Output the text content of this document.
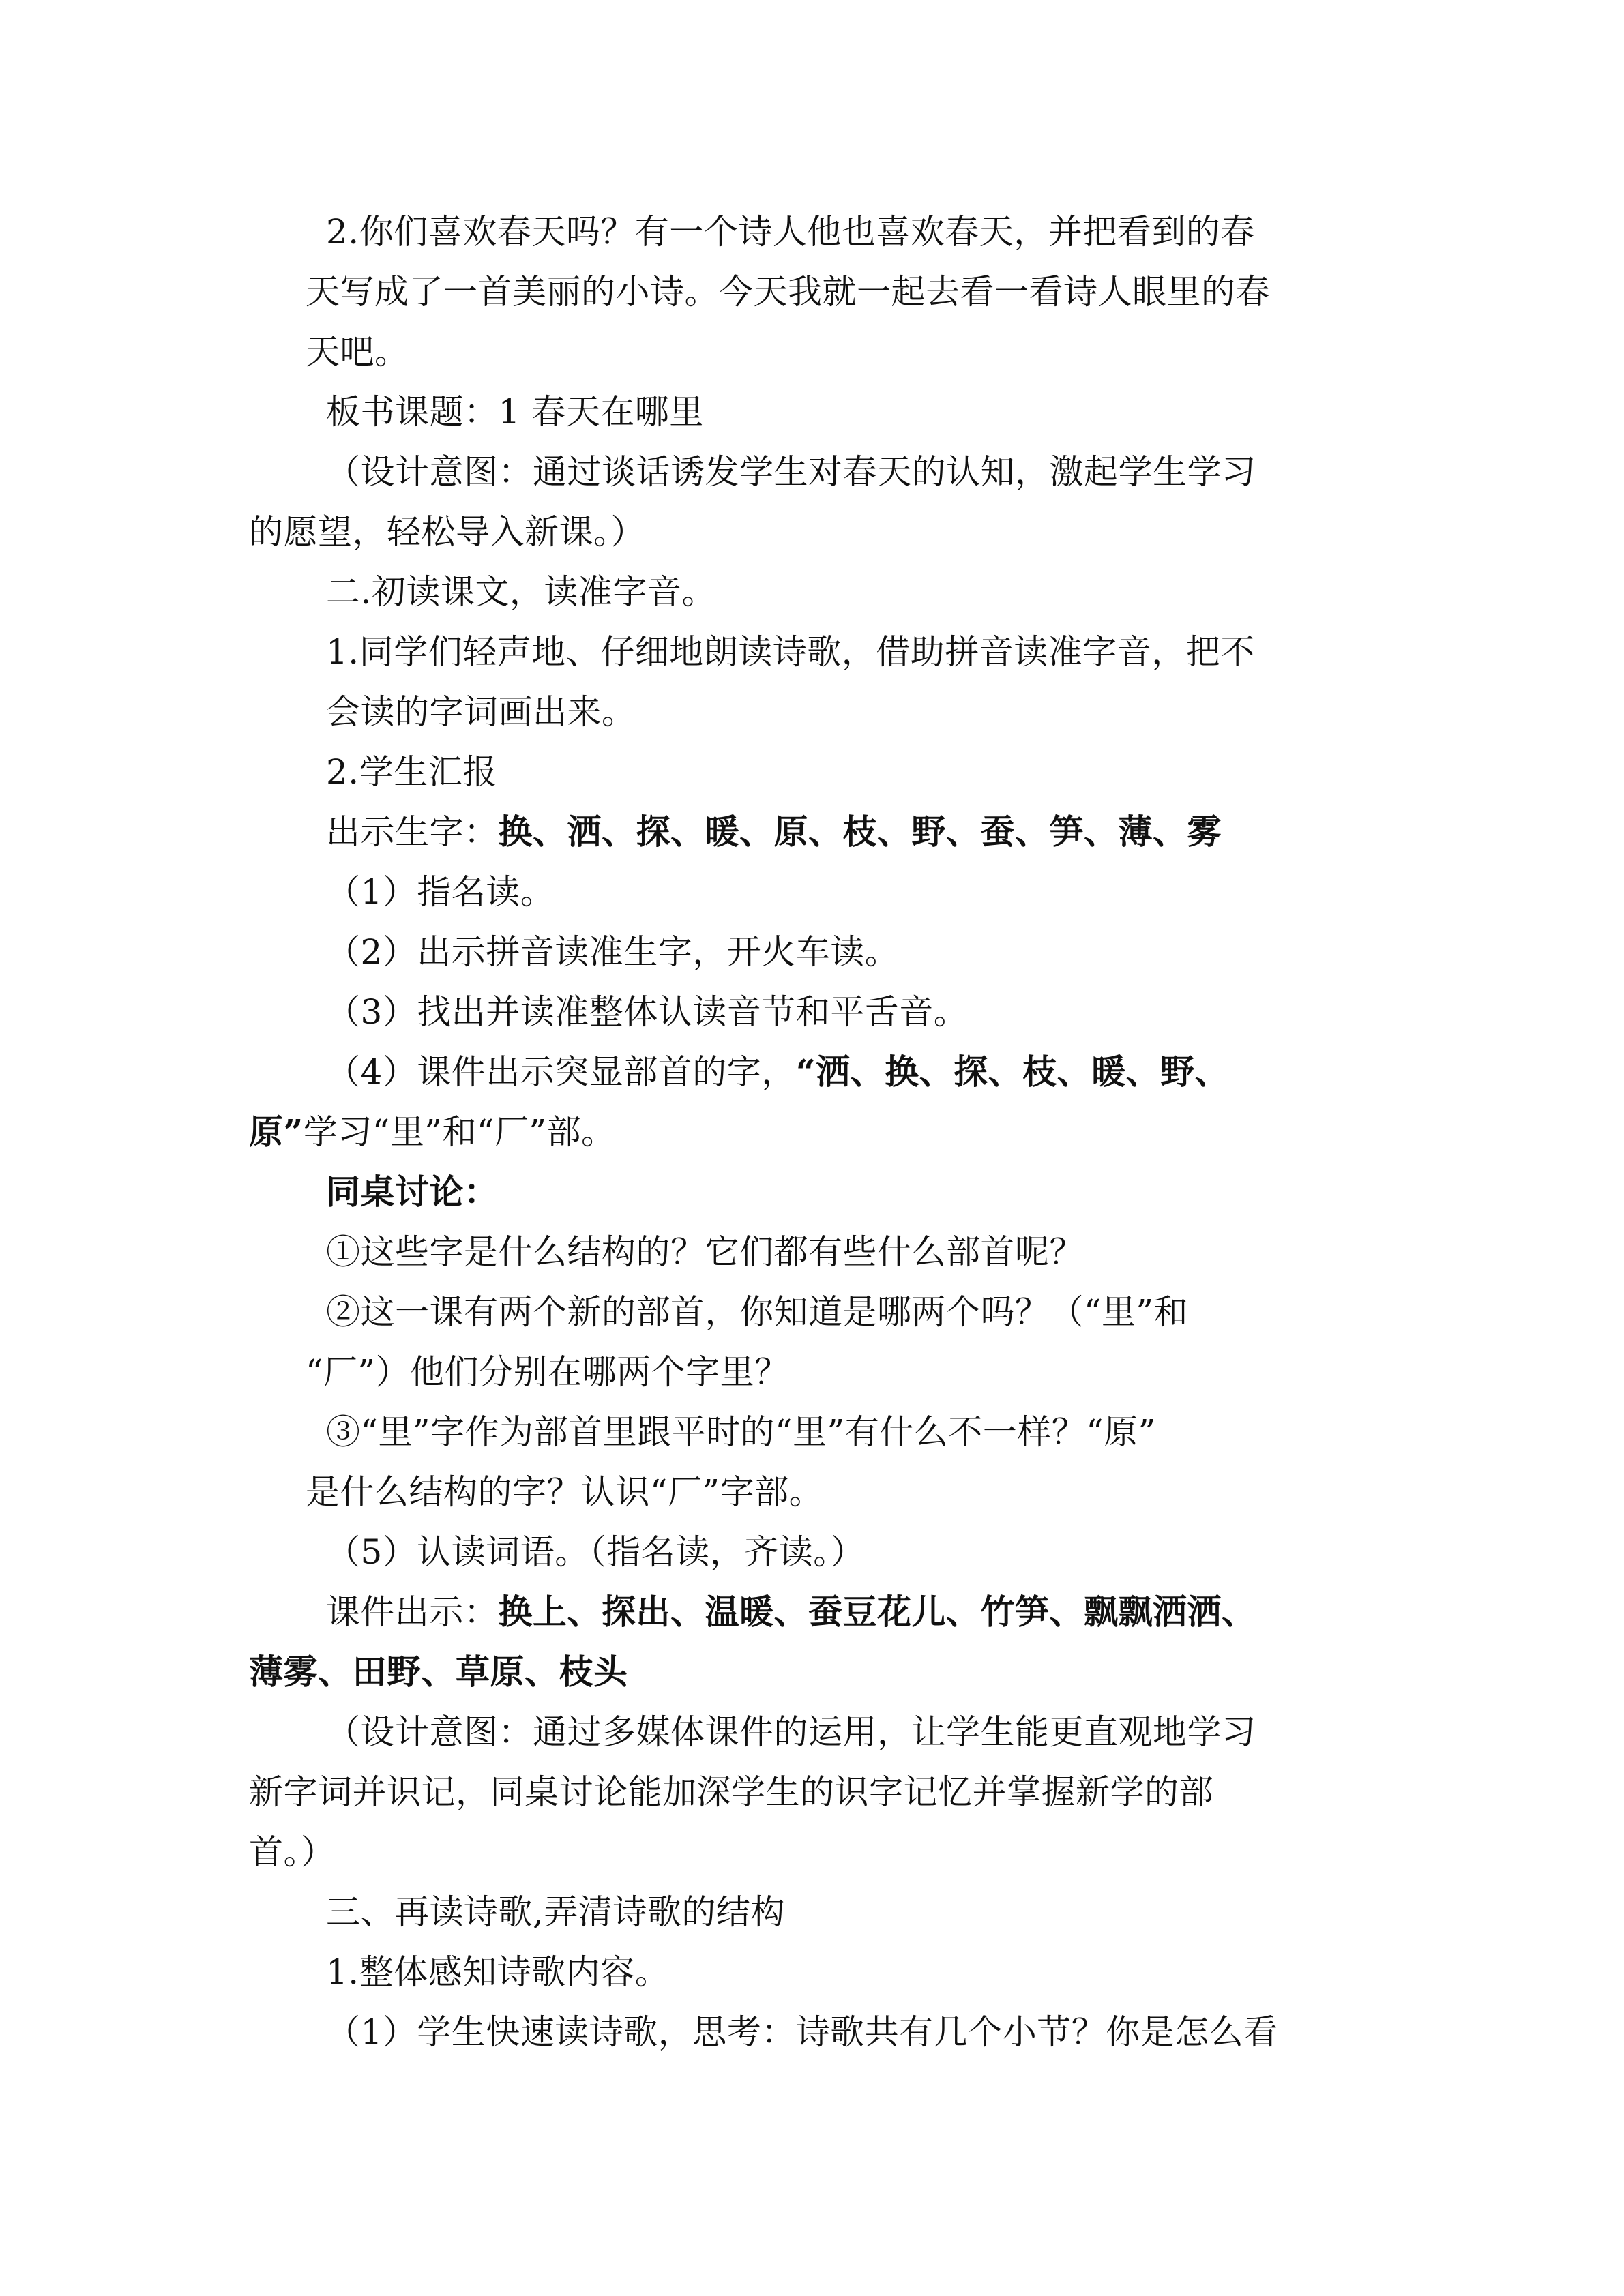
2.你们喜欢春天吗？有一个诗人他也喜欢春天，并把看到的春
天写成了一首美丽的小诗。今天我就一起去看一看诗人眼里的春
天吧。
板书课题：1 春天在哪里
（设计意图：通过谈话诱发学生对春天的认知，激起学生学习
的愿望，轻松导入新课。）
二.初读课文，读准字音。
1.同学们轻声地、仔细地朗读诗歌，借助拼音读准字音，把不
会读的字词画出来。
2.学生汇报
出示生字：换、洒、探、暖、原、枝、野、蚕、笋、薄、雾
（1）指名读。
（2）出示拼音读准生字，开火车读。
（3）找出并读准整体认读音节和平舌音。
（4）课件出示突显部首的字，“洒、换、探、枝、暖、野、
原”学习“里”和“厂”部。
同桌讨论：
①这些字是什么结构的？它们都有些什么部首呢？
②这一课有两个新的部首，你知道是哪两个吗？（“里”和
“厂”）他们分别在哪两个字里？
③“里”字作为部首里跟平时的“里”有什么不一样？“原”
是什么结构的字？认识“厂”字部。
（5）认读词语。（指名读，齐读。）
课件出示：换上、探出、温暖、蚕豆花儿、竹笋、飘飘洒洒、
薄雾、田野、草原、枝头
（设计意图：通过多媒体课件的运用，让学生能更直观地学习
新字词并识记，同桌讨论能加深学生的识字记忆并掌握新学的部
首。）
三、再读诗歌,弄清诗歌的结构
1.整体感知诗歌内容。
（1）学生快速读诗歌，思考：诗歌共有几个小节？你是怎么看
